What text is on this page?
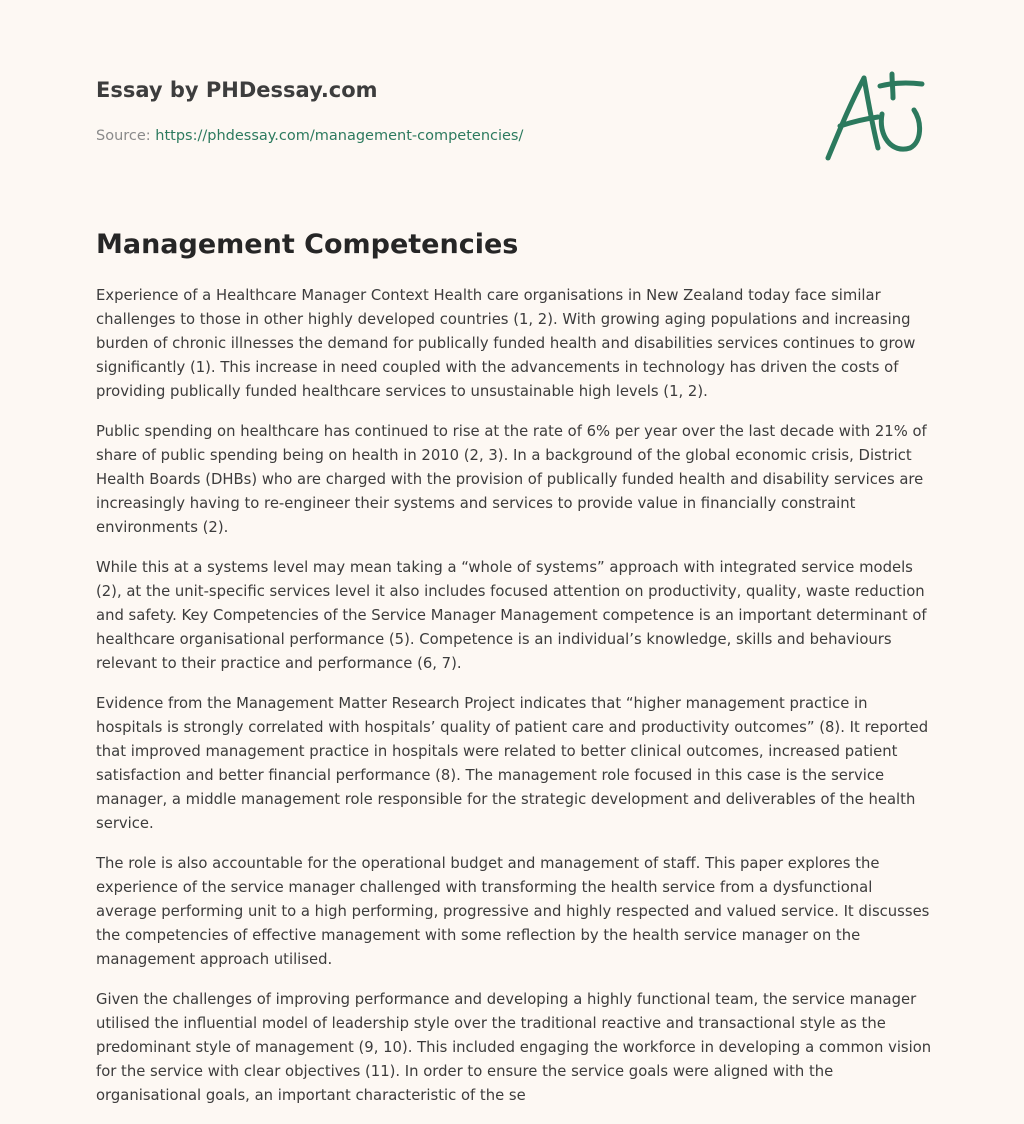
Essay by PHDessay.com
Source: https://phdessay.com/management-competencies/
Management Competencies

Experience of a Healthcare Manager Context Health care organisations in New Zealand today face similar challenges to those in other highly developed countries (1, 2). With growing aging populations and increasing burden of chronic illnesses the demand for publically funded health and disabilities services continues to grow significantly (1). This increase in need coupled with the advancements in technology has driven the costs of providing publically funded healthcare services to unsustainable high levels (1, 2).

Public spending on healthcare has continued to rise at the rate of 6% per year over the last decade with 21% of share of public spending being on health in 2010 (2, 3). In a background of the global economic crisis, District Health Boards (DHBs) who are charged with the provision of publically funded health and disability services are increasingly having to re-engineer their systems and services to provide value in financially constraint environments (2).

While this at a systems level may mean taking a “whole of systems” approach with integrated service models (2), at the unit-specific services level it also includes focused attention on productivity, quality, waste reduction and safety. Key Competencies of the Service Manager Management competence is an important determinant of healthcare organisational performance (5). Competence is an individual’s knowledge, skills and behaviours relevant to their practice and performance (6, 7).

Evidence from the Management Matter Research Project indicates that “higher management practice in hospitals is strongly correlated with hospitals’ quality of patient care and productivity outcomes” (8). It reported that improved management practice in hospitals were related to better clinical outcomes, increased patient satisfaction and better financial performance (8). The management role focused in this case is the service manager, a middle management role responsible for the strategic development and deliverables of the health service.

The role is also accountable for the operational budget and management of staff. This paper explores the experience of the service manager challenged with transforming the health service from a dysfunctional average performing unit to a high performing, progressive and highly respected and valued service. It discusses the competencies of effective management with some reflection by the health service manager on the management approach utilised.

Given the challenges of improving performance and developing a highly functional team, the service manager utilised the influential model of leadership style over the traditional reactive and transactional style as the predominant style of management (9, 10). This included engaging the workforce in developing a common vision for the service with clear objectives (11). In order to ensure the service goals were aligned with the organisational goals, an important characteristic of the se
